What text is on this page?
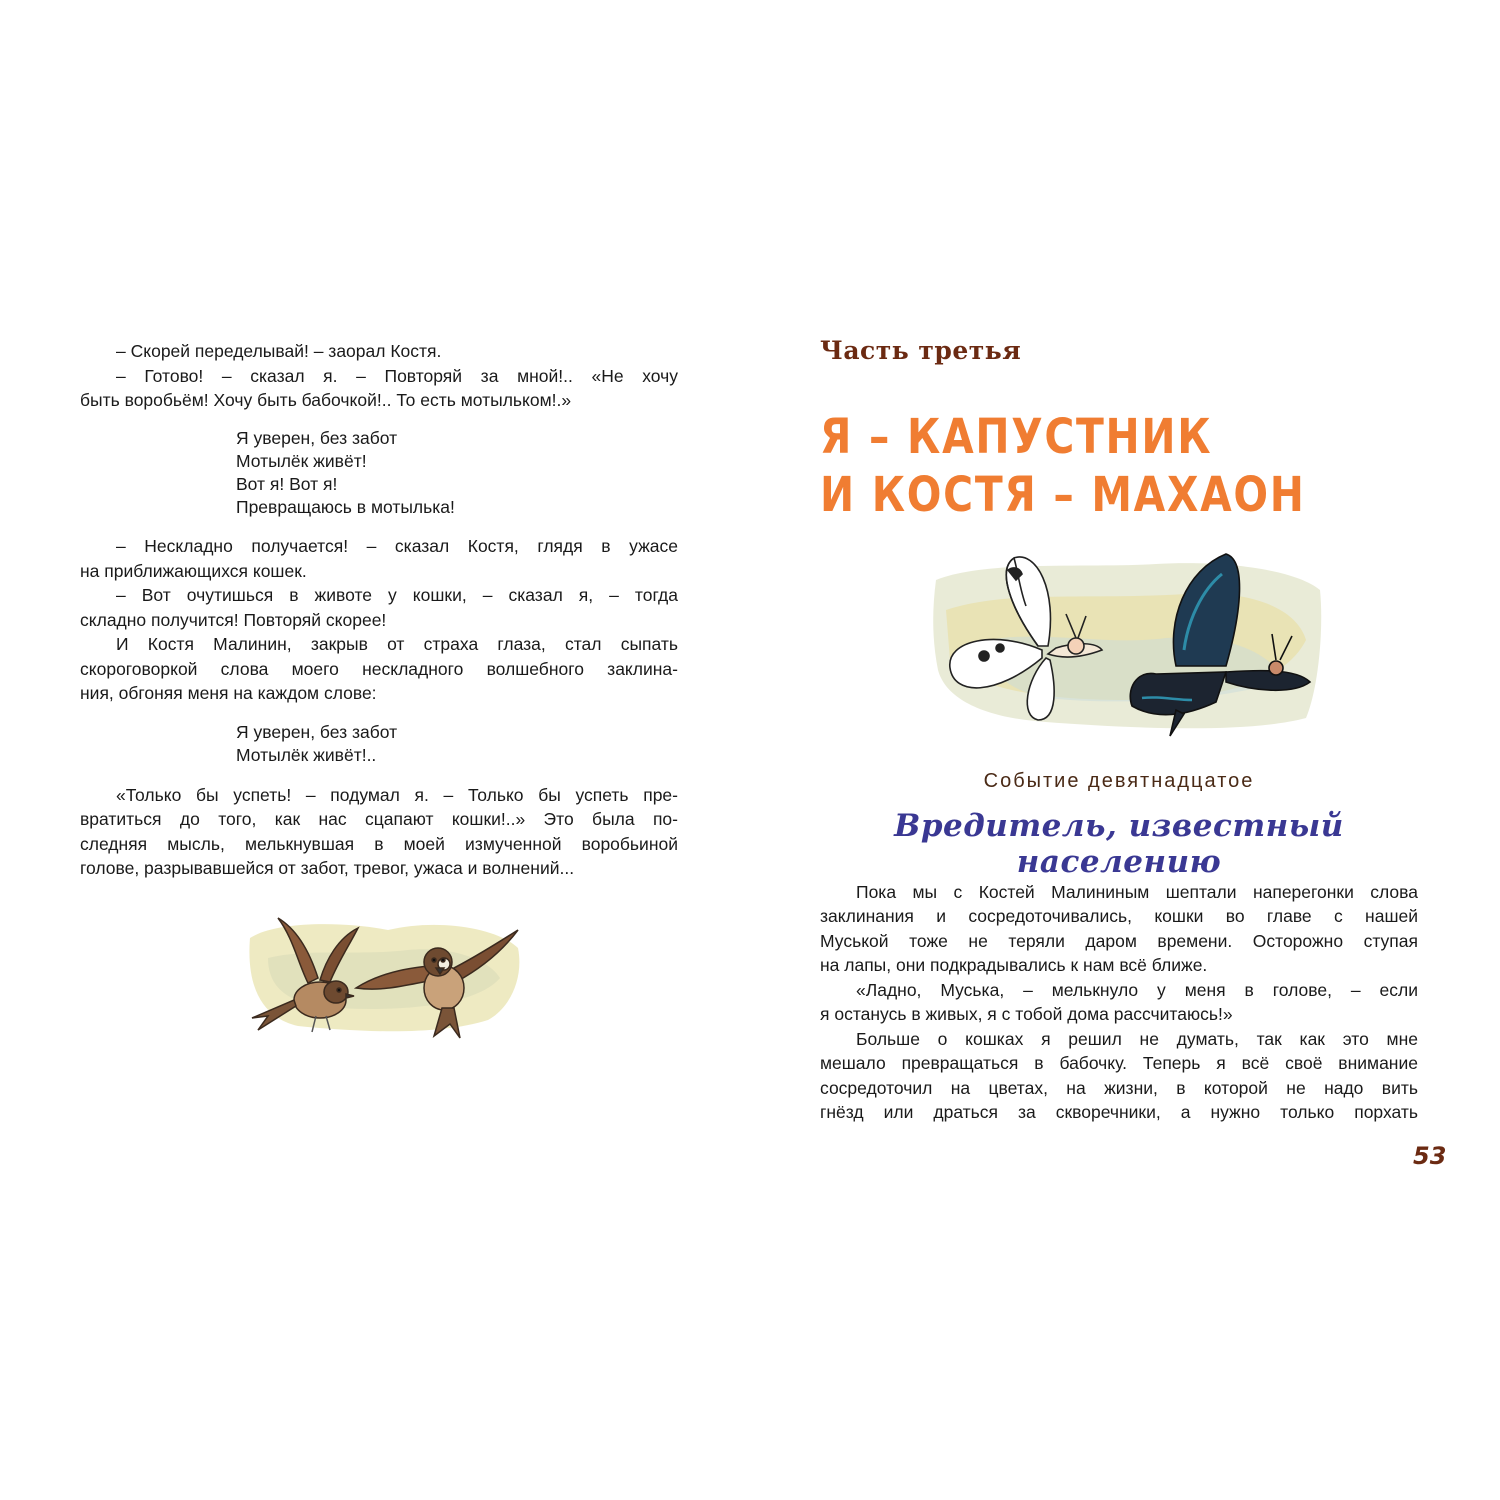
– Скорей переделывай! – заорал Костя.
– Готово! – сказал я. – Повторяй за мной!.. «Не хочу
быть воробьём! Хочу быть бабочкой!.. То есть мотыльком!.»
Я уверен, без забот
Мотылёк живёт!
Вот я! Вот я!
Превращаюсь в мотылька!
– Нескладно получается! – сказал Костя, глядя в ужасе
на приближающихся кошек.
– Вот очутишься в животе у кошки, – сказал я, – тогда
складно получится! Повторяй скорее!
И Костя Малинин, закрыв от страха глаза, стал сыпать
скороговоркой слова моего нескладного волшебного заклина-
ния, обгоняя меня на каждом слове:
Я уверен, без забот
Мотылёк живёт!..
«Только бы успеть! – подумал я. – Только бы успеть пре-
вратиться до того, как нас сцапают кошки!..» Это была по-
следняя мысль, мелькнувшая в моей измученной воробьиной
голове, разрывавшейся от забот, тревог, ужаса и волнений...
Часть третья
Я – КАПУСТНИК
И КОСТЯ – МАХАОН
Событие девятнадцатое
Вредитель, известный населению
Пока мы с Костей Малининым шептали наперегонки слова
заклинания и сосредоточивались, кошки во главе с нашей
Муськой тоже не теряли даром времени. Осторожно ступая
на лапы, они подкрадывались к нам всё ближе.
«Ладно, Муська, – мелькнуло у меня в голове, – если
я останусь в живых, я с тобой дома рассчитаюсь!»
Больше о кошках я решил не думать, так как это мне
мешало превращаться в бабочку. Теперь я всё своё внимание
сосредоточил на цветах, на жизни, в которой не надо вить
гнёзд или драться за скворечники, а нужно только порхать
53
